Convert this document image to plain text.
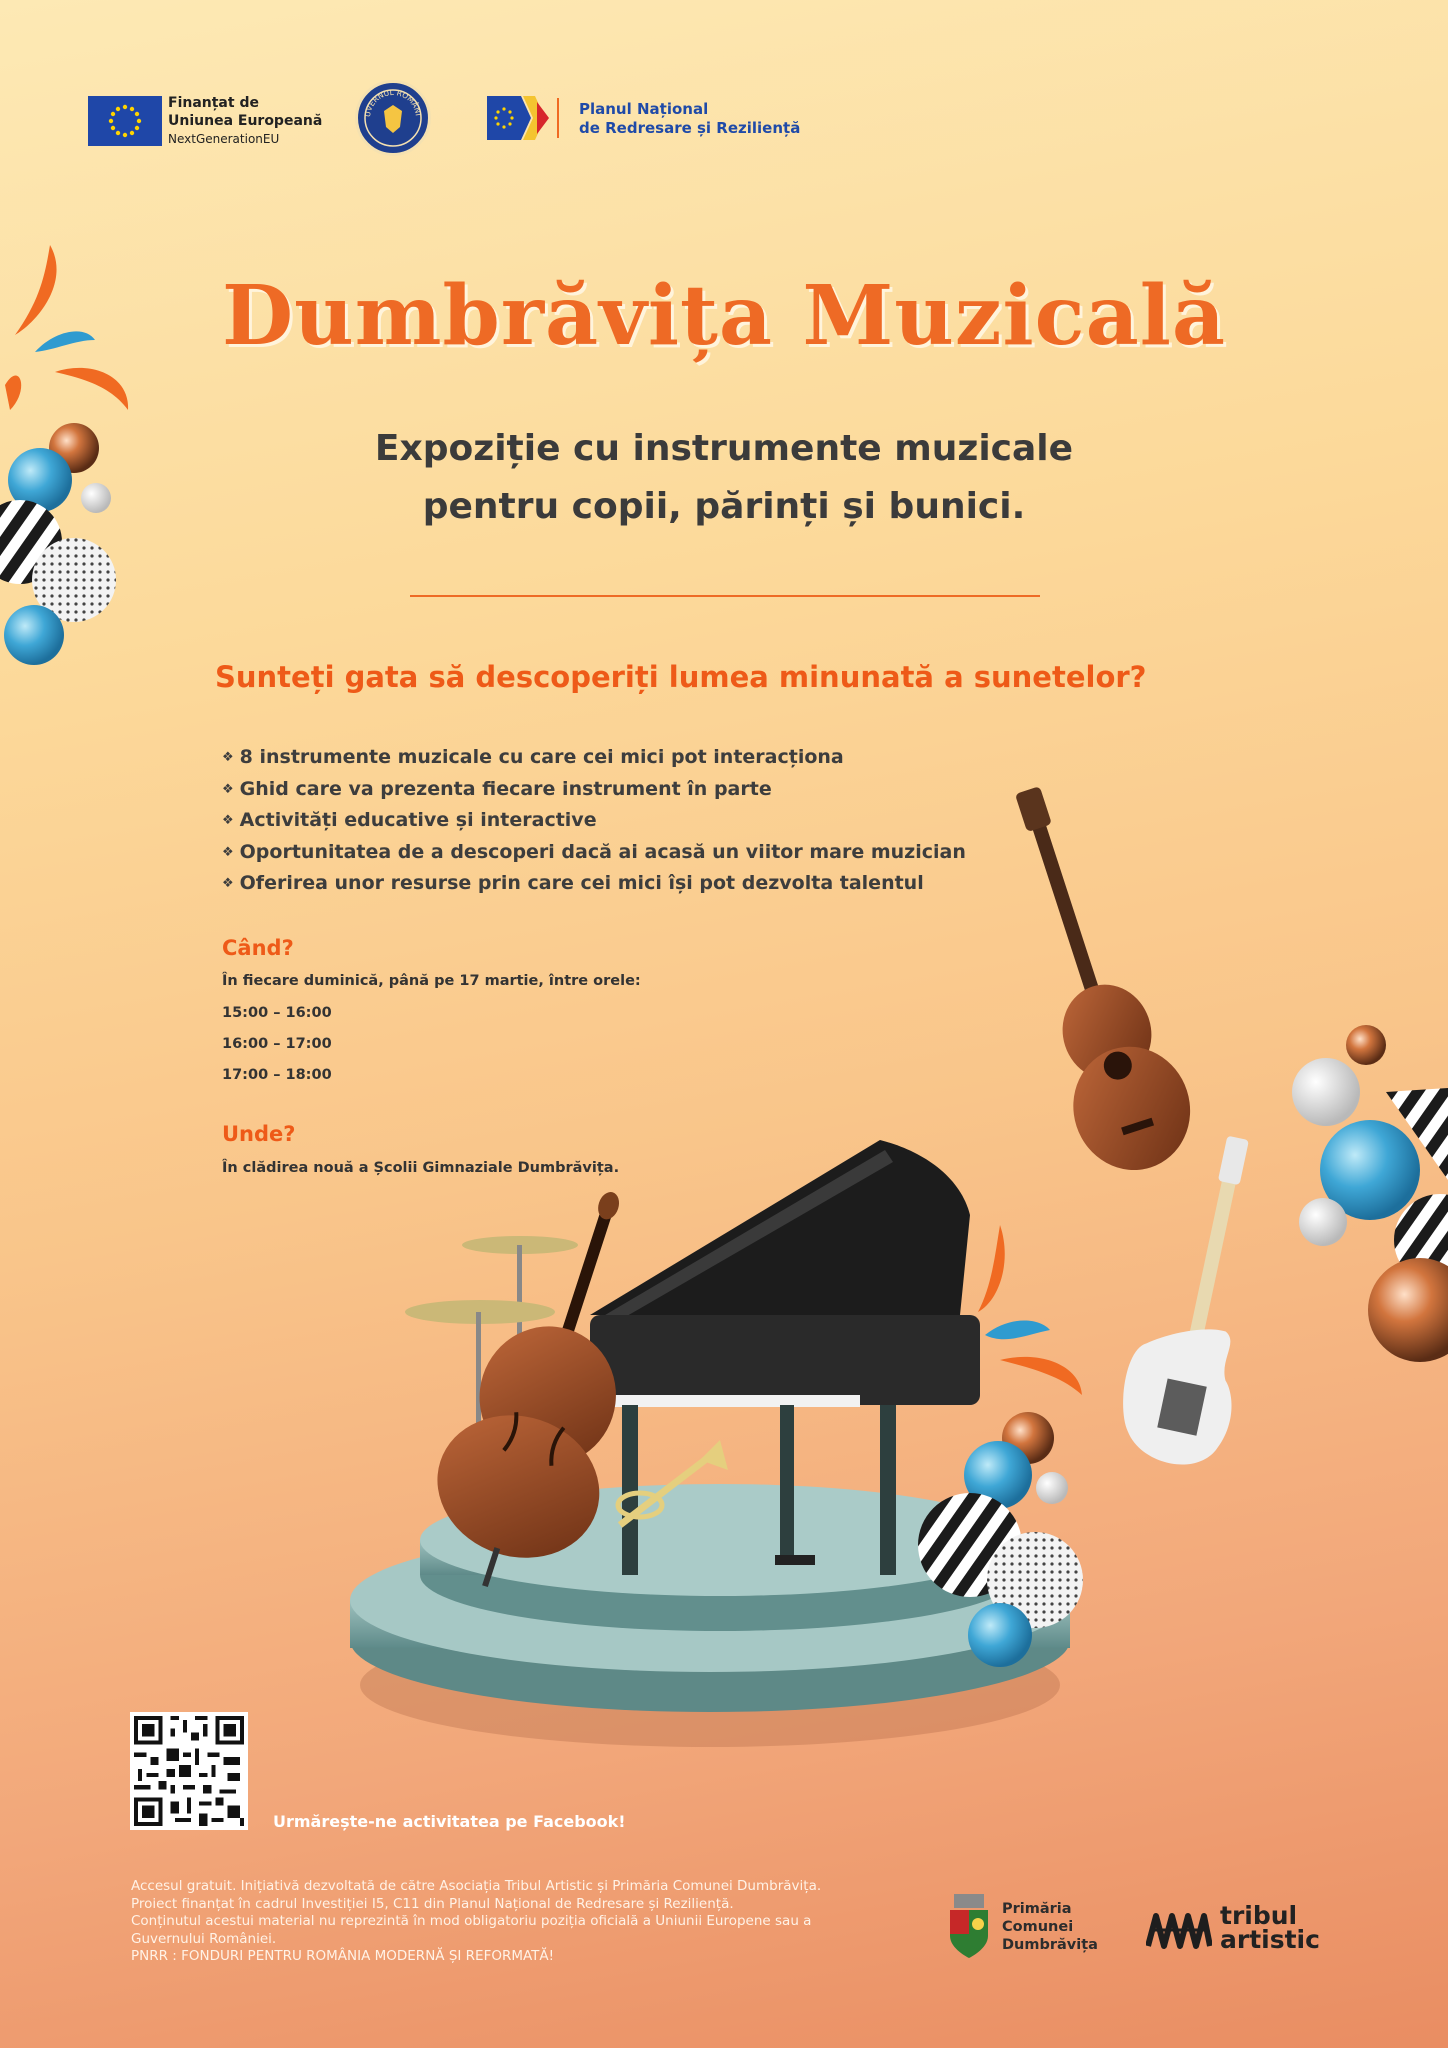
Finanțat de
Uniunea Europeană
NextGenerationEU
UVERNUL ROMÂNI	Planul Național
de Redresare și Reziliență
Dumbrăvița Muzicală
Expoziție cu instrumente muzicale
pentru copii, părinți și bunici.
Sunteți gata să descoperiți lumea minunată a sunetelor?
❖ 8 instrumente muzicale cu care cei mici pot interacționa
❖ Ghid care va prezenta fiecare instrument în parte
❖ Activități educative și interactive
❖ Oportunitatea de a descoperi dacă ai acasă un viitor mare muzician
❖ Oferirea unor resurse prin care cei mici își pot dezvolta talentul
Când?
În fiecare duminică, până pe 17 martie, între orele:
15:00 – 16:00
16:00 – 17:00
17:00 – 18:00
Unde?
În clădirea nouă a Școlii Gimnaziale Dumbrăvița.
Urmărește-ne activitatea pe Facebook!
Accesul gratuit. Inițiativă dezvoltată de către Asociația Tribul Artistic și Primăria Comunei Dumbrăvița.
Proiect finanțat în cadrul Investiției I5, C11 din Planul Național de Redresare și Reziliență.
Conținutul acestui material nu reprezintă în mod obligatoriu poziția oficială a Uniunii Europene sau a
Guvernului României.
PNRR : FONDURI PENTRU ROMÂNIA MODERNĂ ȘI REFORMATĂ!
Primăria
Comunei
Dumbrăvița
tribul
artistic
